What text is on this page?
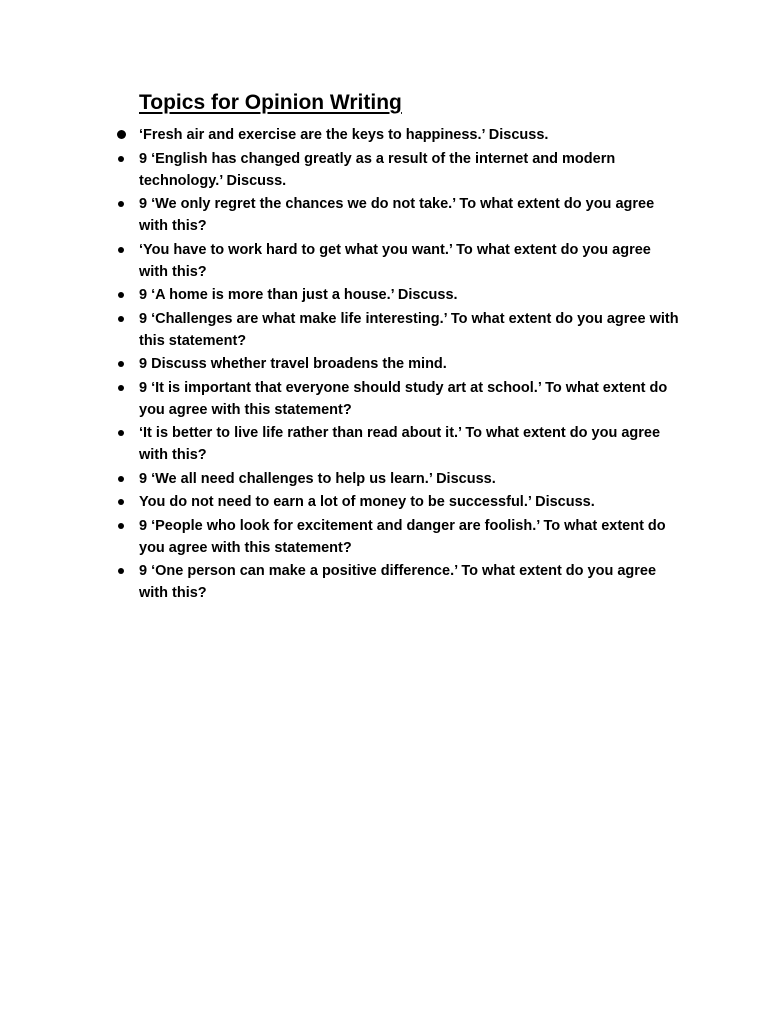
Topics for Opinion Writing
‘Fresh air and exercise are the keys to happiness.’ Discuss.
9 ‘English has changed greatly as a result of the internet and modern technology.’ Discuss.
9 ‘We only regret the chances we do not take.’ To what extent do you agree with this?
‘You have to work hard to get what you want.’ To what extent do you agree with this?
9 ‘A home is more than just a house.’ Discuss.
9 ‘Challenges are what make life interesting.’ To what extent do you agree with this statement?
9 Discuss whether travel broadens the mind.
9 ‘It is important that everyone should study art at school.’ To what extent do you agree with this statement?
‘It is better to live life rather than read about it.’ To what extent do you agree with this?
9 ‘We all need challenges to help us learn.’ Discuss.
You do not need to earn a lot of money to be successful.’ Discuss.
9 ‘People who look for excitement and danger are foolish.’ To what extent do you agree with this statement?
9 ‘One person can make a positive difference.’ To what extent do you agree with this?
